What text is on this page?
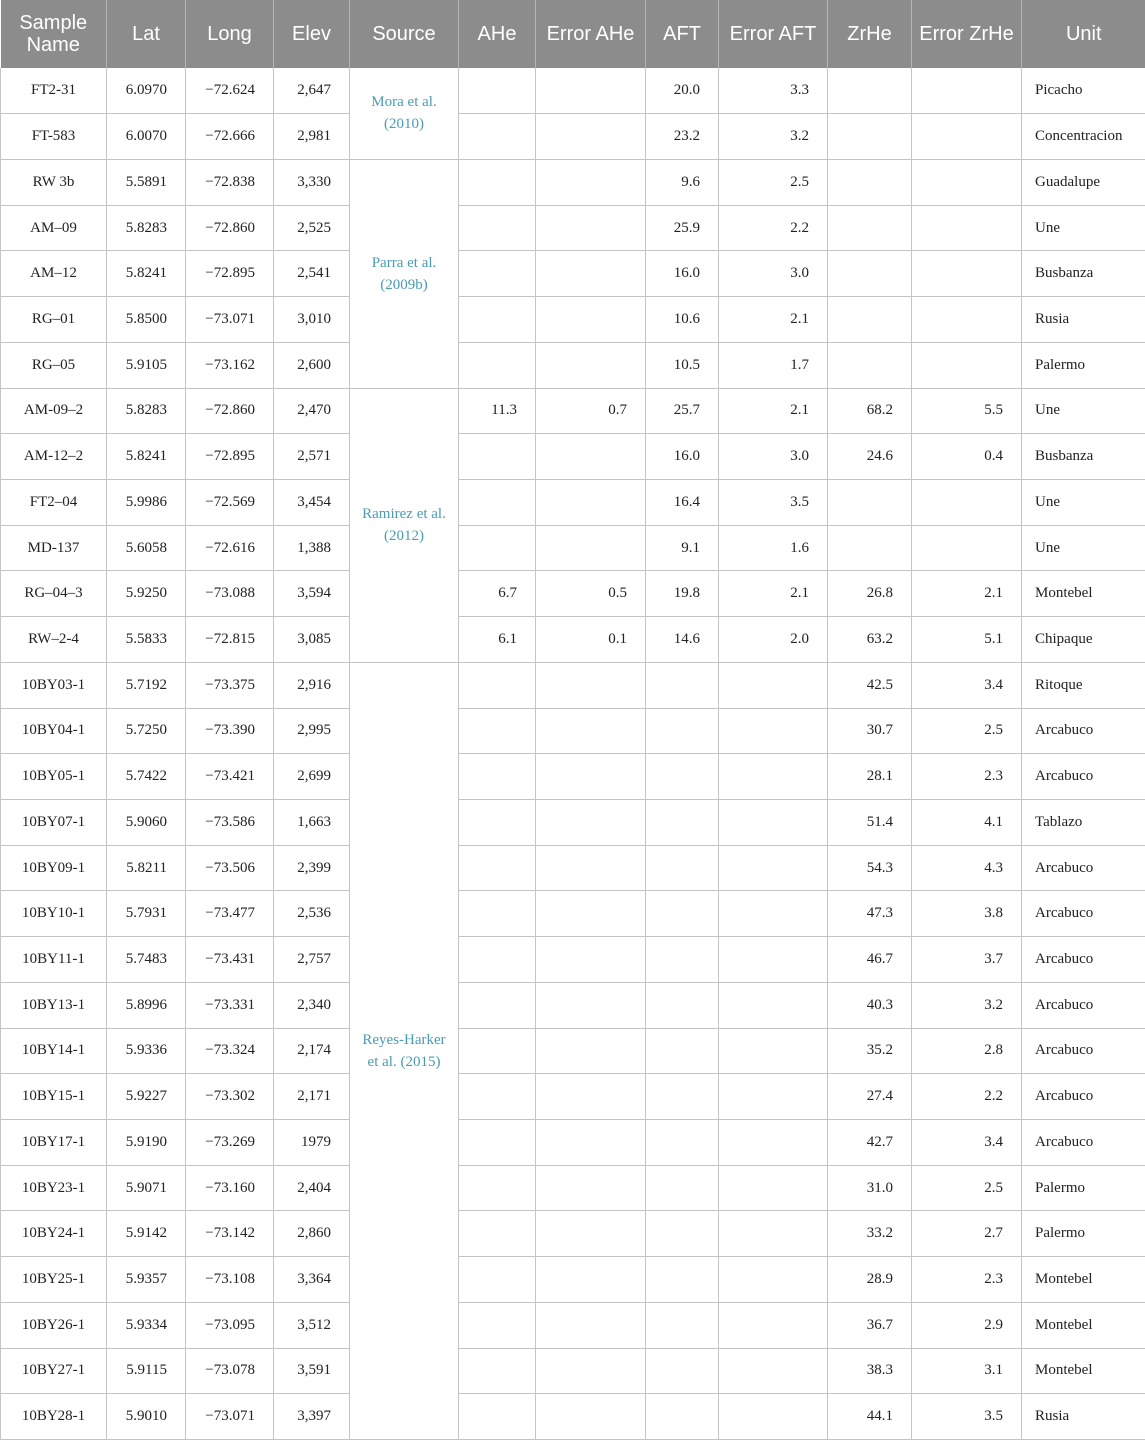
Sample Name	Lat	Long	Elev	Source	AHe	Error AHe	AFT	Error AFT	ZrHe	Error ZrHe	Unit
FT2-31	6.0970	−72.624	2,647	Mora et al. (2010)			20.0	3.3			Picacho
FT-583	6.0070	−72.666	2,981				23.2	3.2			Concentracion
RW 3b	5.5891	−72.838	3,330	Parra et al. (2009b)			9.6	2.5			Guadalupe
AM–09	5.8283	−72.860	2,525				25.9	2.2			Une
AM–12	5.8241	−72.895	2,541				16.0	3.0			Busbanza
RG–01	5.8500	−73.071	3,010				10.6	2.1			Rusia
RG–05	5.9105	−73.162	2,600				10.5	1.7			Palermo
AM-09–2	5.8283	−72.860	2,470	Ramirez et al. (2012)	11.3	0.7	25.7	2.1	68.2	5.5	Une
AM-12–2	5.8241	−72.895	2,571				16.0	3.0	24.6	0.4	Busbanza
FT2–04	5.9986	−72.569	3,454				16.4	3.5			Une
MD-137	5.6058	−72.616	1,388				9.1	1.6			Une
RG–04–3	5.9250	−73.088	3,594		6.7	0.5	19.8	2.1	26.8	2.1	Montebel
RW–2-4	5.5833	−72.815	3,085		6.1	0.1	14.6	2.0	63.2	5.1	Chipaque
10BY03-1	5.7192	−73.375	2,916	Reyes-Harker et al. (2015)					42.5	3.4	Ritoque
10BY04-1	5.7250	−73.390	2,995						30.7	2.5	Arcabuco
10BY05-1	5.7422	−73.421	2,699						28.1	2.3	Arcabuco
10BY07-1	5.9060	−73.586	1,663						51.4	4.1	Tablazo
10BY09-1	5.8211	−73.506	2,399						54.3	4.3	Arcabuco
10BY10-1	5.7931	−73.477	2,536						47.3	3.8	Arcabuco
10BY11-1	5.7483	−73.431	2,757						46.7	3.7	Arcabuco
10BY13-1	5.8996	−73.331	2,340						40.3	3.2	Arcabuco
10BY14-1	5.9336	−73.324	2,174						35.2	2.8	Arcabuco
10BY15-1	5.9227	−73.302	2,171						27.4	2.2	Arcabuco
10BY17-1	5.9190	−73.269	1979						42.7	3.4	Arcabuco
10BY23-1	5.9071	−73.160	2,404						31.0	2.5	Palermo
10BY24-1	5.9142	−73.142	2,860						33.2	2.7	Palermo
10BY25-1	5.9357	−73.108	3,364						28.9	2.3	Montebel
10BY26-1	5.9334	−73.095	3,512						36.7	2.9	Montebel
10BY27-1	5.9115	−73.078	3,591						38.3	3.1	Montebel
10BY28-1	5.9010	−73.071	3,397						44.1	3.5	Rusia
